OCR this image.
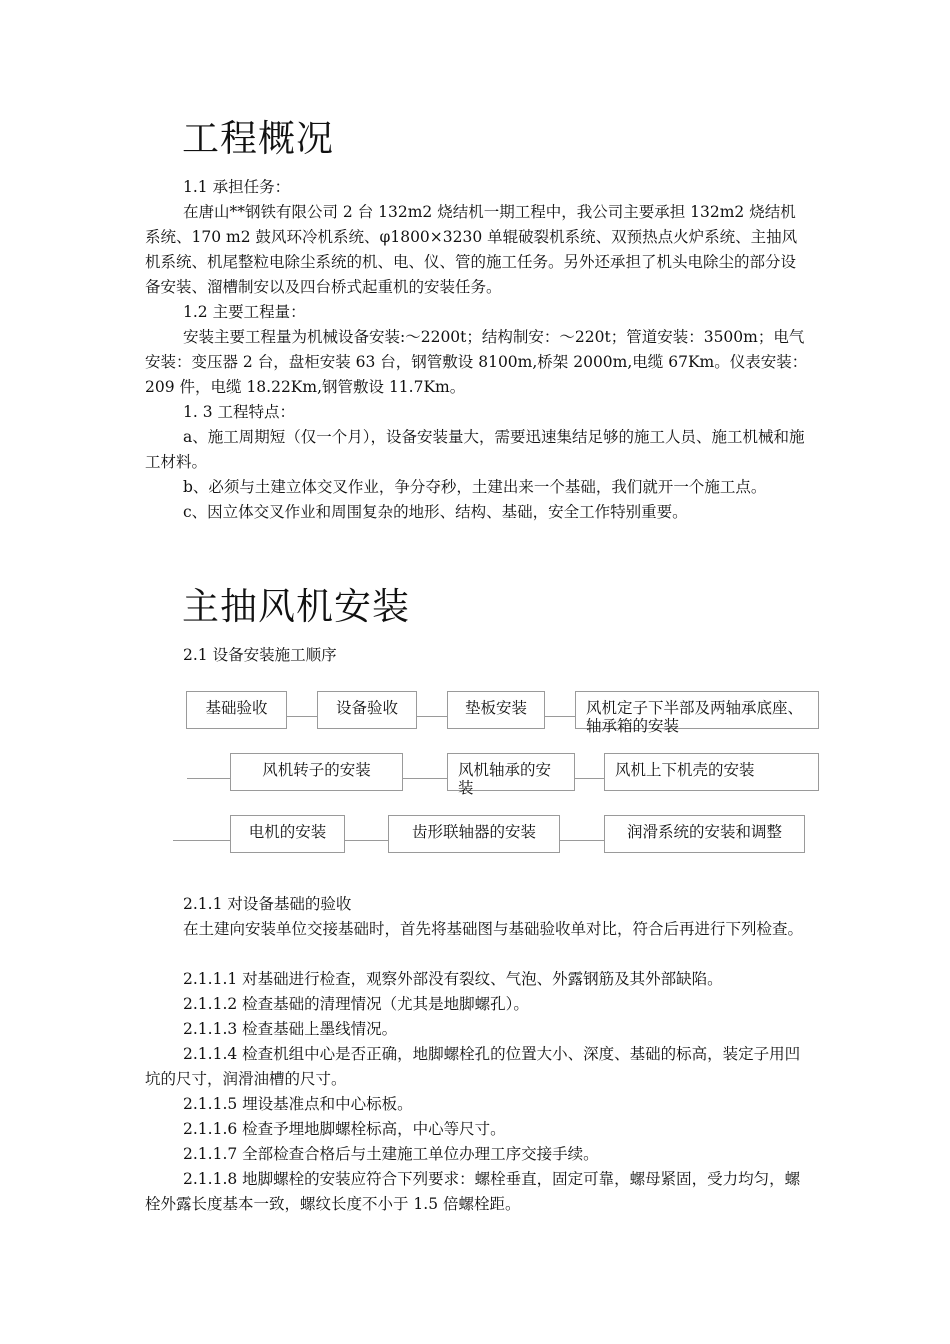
工程概况

1.1 承担任务：

在唐山**钢铁有限公司 2 台 132m2 烧结机一期工程中，我公司主要承担 132m2 烧结机系统、170 m2 鼓风环冷机系统、φ1800×3230 单辊破裂机系统、双预热点火炉系统、主抽风机系统、机尾整粒电除尘系统的机、电、仪、管的施工任务。另外还承担了机头电除尘的部分设备安装、溜槽制安以及四台桥式起重机的安装任务。

1.2 主要工程量：

安装主要工程量为机械设备安装:～2200t；结构制安：～220t；管道安装：3500m；电气安装：变压器 2 台，盘柜安装 63 台，钢管敷设 8100m,桥架 2000m,电缆 67Km。仪表安装：209 件，电缆 18.22Km,钢管敷设 11.7Km。

1. 3 工程特点：

a、施工周期短（仅一个月），设备安装量大，需要迅速集结足够的施工人员、施工机械和施工材料。

b、必须与土建立体交叉作业，争分夺秒，土建出来一个基础，我们就开一个施工点。

c、因立体交叉作业和周围复杂的地形、结构、基础，安全工作特别重要。

主抽风机安装

2.1 设备安装施工顺序

基础验收	设备验收	垫板安装	风机定子下半部及两轴承底座、轴承箱的安装
风机转子的安装	风机轴承的安装
风机上下机壳的安装
电机的安装	齿形联轴器的安装	润滑系统的安装和调整

2.1.1 对设备基础的验收

在土建向安装单位交接基础时，首先将基础图与基础验收单对比，符合后再进行下列检查。

2.1.1.1 对基础进行检查，观察外部没有裂纹、气泡、外露钢筋及其外部缺陷。

2.1.1.2 检查基础的清理情况（尤其是地脚螺孔）。

2.1.1.3 检查基础上墨线情况。

2.1.1.4 检查机组中心是否正确，地脚螺栓孔的位置大小、深度、基础的标高，装定子用凹坑的尺寸，润滑油槽的尺寸。

2.1.1.5 埋设基准点和中心标板。

2.1.1.6 检查予埋地脚螺栓标高，中心等尺寸。

2.1.1.7 全部检查合格后与土建施工单位办理工序交接手续。

2.1.1.8 地脚螺栓的安装应符合下列要求：螺栓垂直，固定可靠，螺母紧固，受力均匀，螺栓外露长度基本一致，螺纹长度不小于 1.5 倍螺栓距。
